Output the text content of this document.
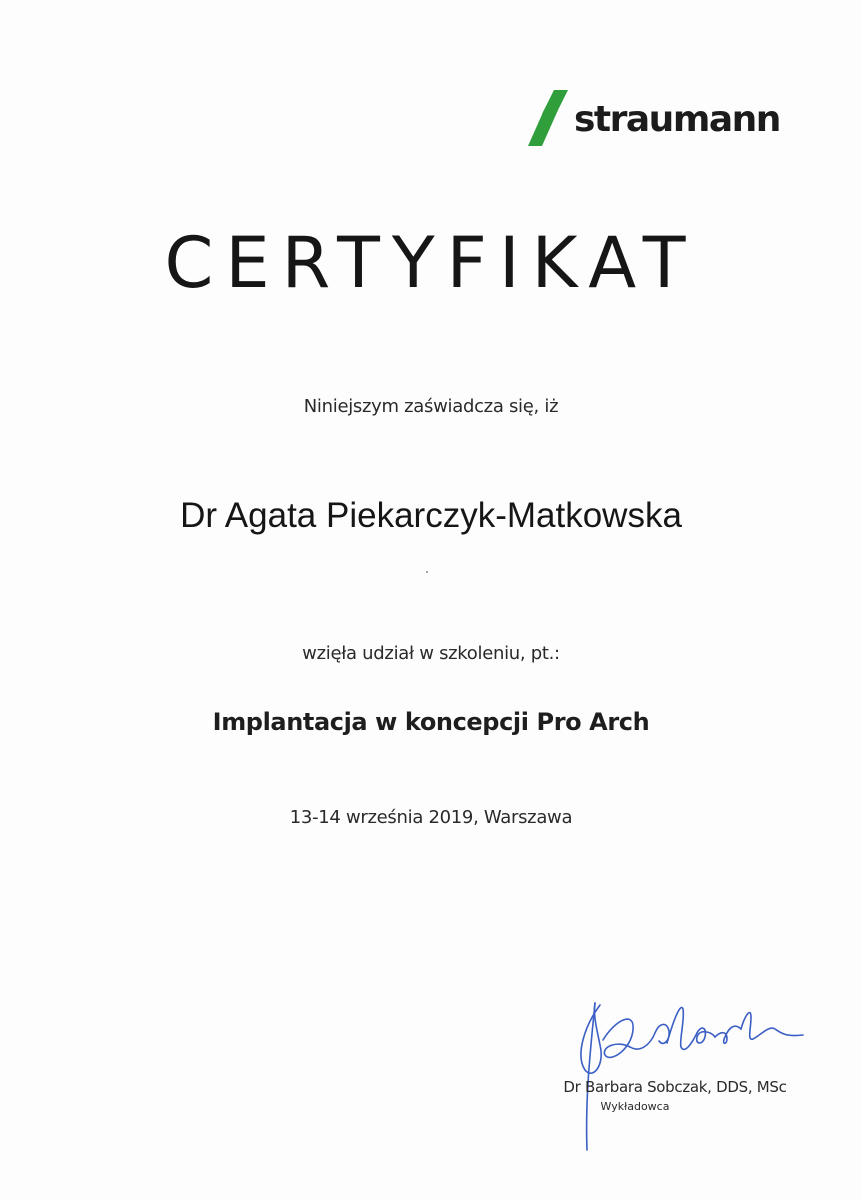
straumann
CERTYFIKAT
Niniejszym zaświadcza się, iż
Dr Agata Piekarczyk-Matkowska
wzięła udział w szkoleniu, pt.:
Implantacja w koncepcji Pro Arch
13-14 września 2019, Warszawa
Dr Barbara Sobczak, DDS, MSc
Wykładowca
